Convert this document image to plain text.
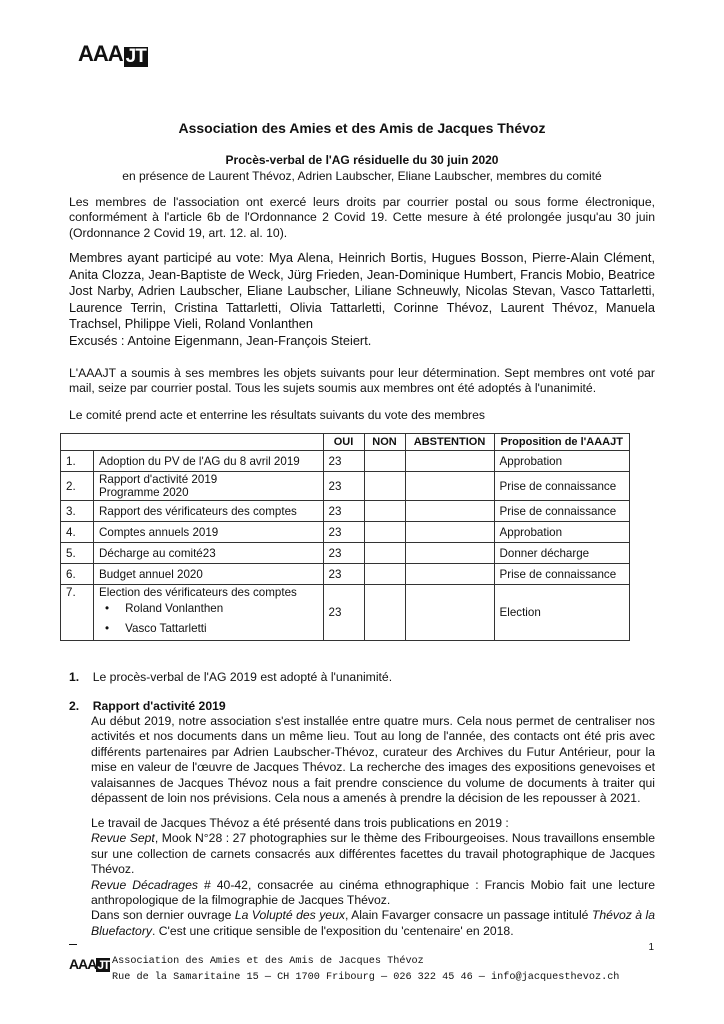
AAA JT
Association des Amies et des Amis de Jacques Thévoz
Procès-verbal de l'AG résiduelle du 30 juin 2020
en présence de Laurent Thévoz, Adrien Laubscher, Eliane Laubscher, membres du comité
Les membres de l'association ont exercé leurs droits par courrier postal ou sous forme électronique, conformément à l'article 6b de l'Ordonnance 2 Covid 19. Cette mesure à été prolongée jusqu'au 30 juin (Ordonnance 2 Covid 19, art. 12. al. 10).
Membres ayant participé au vote: Mya Alena, Heinrich Bortis, Hugues Bosson, Pierre-Alain Clément, Anita Clozza, Jean-Baptiste de Weck, Jürg Frieden, Jean-Dominique Humbert, Francis Mobio, Beatrice Jost Narby, Adrien Laubscher, Eliane Laubscher, Liliane Schneuwly, Nicolas Stevan, Vasco Tattarletti, Laurence Terrin, Cristina Tattarletti, Olivia Tattarletti, Corinne Thévoz, Laurent Thévoz, Manuela Trachsel, Philippe Vieli, Roland Vonlanthen
Excusés : Antoine Eigenmann, Jean-François Steiert.
L'AAAJT a soumis à ses membres les objets suivants pour leur détermination. Sept membres ont voté par mail, seize par courrier postal. Tous les sujets soumis aux membres ont été adoptés à l'unanimité.
Le comité prend acte et enterrine les résultats suivants du vote des membres
		OUI	NON	ABSTENTION	Proposition de l'AAAJT
1.	Adoption du PV de l'AG du 8 avril 2019	23			Approbation
2.	Rapport d'activité 2019
Programme 2020	23			Prise de connaissance
3.	Rapport des vérificateurs des comptes	23			Prise de connaissance
4.	Comptes annuels 2019	23			Approbation
5.	Décharge au comité23	23			Donner décharge
6.	Budget annuel 2020	23			Prise de connaissance
7.	Election des vérificateurs des comptes
•     Roland Vonlanthen
•     Vasco Tattarletti	23			Election
1. Le procès-verbal de l'AG 2019 est adopté à l'unanimité.
2. Rapport d'activité 2019
Au début 2019, notre association s'est installée entre quatre murs. Cela nous permet de centraliser nos activités et nos documents dans un même lieu. Tout au long de l'année, des contacts ont été pris avec différents partenaires par Adrien Laubscher-Thévoz, curateur des Archives du Futur Antérieur, pour la mise en valeur de l'œuvre de Jacques Thévoz. La recherche des images des expositions genevoises et valaisannes de Jacques Thévoz nous a fait prendre conscience du volume de documents à traiter qui dépassent de loin nos prévisions. Cela nous a amenés à prendre la décision de les repousser à 2021.
Le travail de Jacques Thévoz a été présenté dans trois publications en 2019 :
Revue Sept, Mook N°28 : 27 photographies sur le thème des Fribourgeoises. Nous travaillons ensemble sur une collection de carnets consacrés aux différentes facettes du travail photographique de Jacques Thévoz.
Revue Décadrages # 40-42, consacrée au cinéma ethnographique : Francis Mobio fait une lecture anthropologique de la filmographie de Jacques Thévoz.
Dans son dernier ouvrage La Volupté des yeux, Alain Favarger consacre un passage intitulé Thévoz à la Bluefactory. C'est une critique sensible de l'exposition du 'centenaire' en 2018.
1
AAAJT Association des Amies et des Amis de Jacques Thévoz
Rue de la Samaritaine 15 — CH 1700 Fribourg — 026 322 45 46 — info@jacquesthevoz.ch
